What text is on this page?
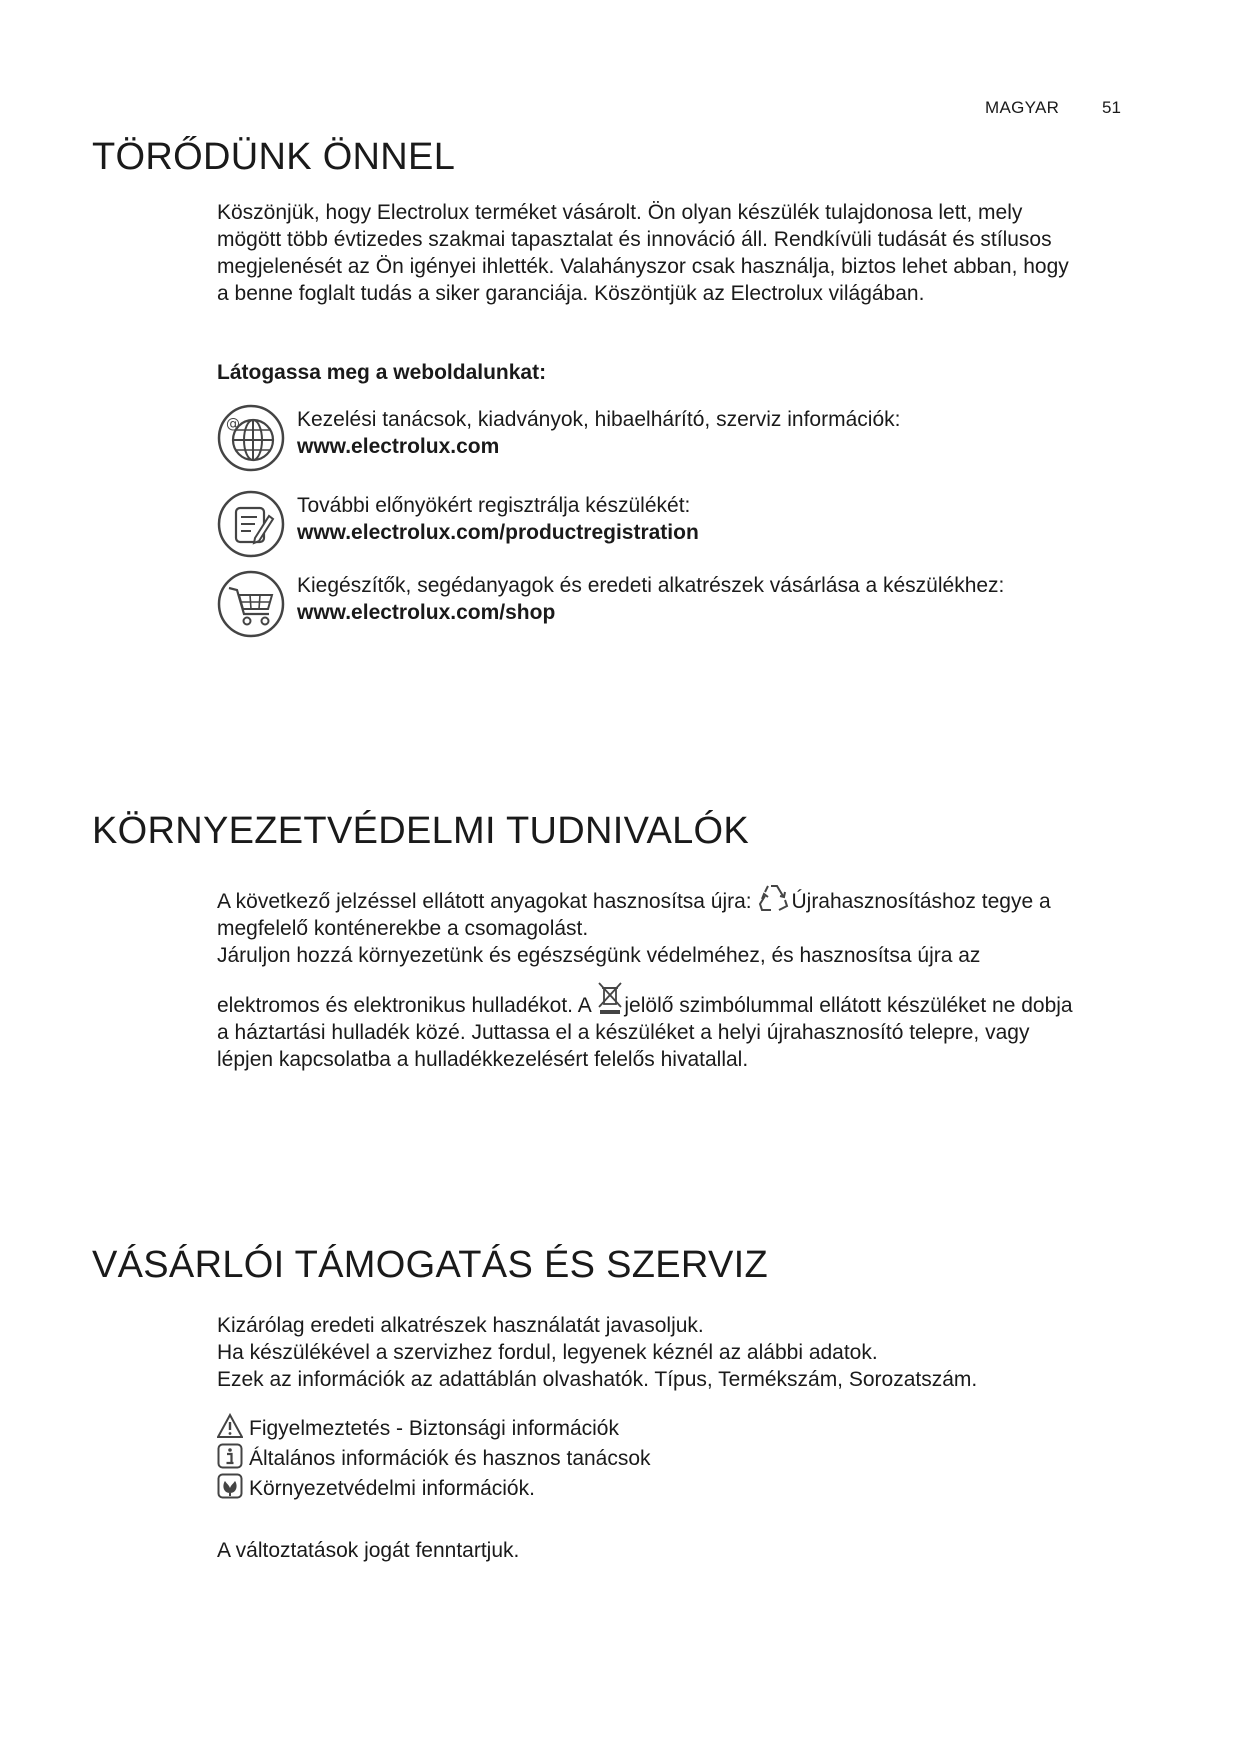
MAGYAR	51
TÖRŐDÜNK ÖNNEL

Köszönjük, hogy Electrolux terméket vásárolt. Ön olyan készülék tulajdonosa lett, mely

mögött több évtizedes szakmai tapasztalat és innováció áll. Rendkívüli tudását és stílusos

megjelenését az Ön igényei ihlették. Valahányszor csak használja, biztos lehet abban, hogy

a benne foglalt tudás a siker garanciája. Köszöntjük az Electrolux világában.

Látogassa meg a weboldalunkat:
@	Kezelési tanácsok, kiadványok, hibaelhárító, szerviz információk:
www.electrolux.com
További előnyökért regisztrálja készülékét:
www.electrolux.com/productregistration
Kiegészítők, segédanyagok és eredeti alkatrészek vásárlása a készülékhez:
www.electrolux.com/shop
KÖRNYEZETVÉDELMI TUDNIVALÓK

A következő jelzéssel ellátott anyagokat hasznosítsa újra: Újrahasznosításhoz tegye a

megfelelő konténerekbe a csomagolást.

Járuljon hozzá környezetünk és egészségünk védelméhez, és hasznosítsa újra az

elektromos és elektronikus hulladékot. A jelölő szimbólummal ellátott készüléket ne dobja

a háztartási hulladék közé. Juttassa el a készüléket a helyi újrahasznosító telepre, vagy

lépjen kapcsolatba a hulladékkezelésért felelős hivatallal.

VÁSÁRLÓI TÁMOGATÁS ÉS SZERVIZ

Kizárólag eredeti alkatrészek használatát javasoljuk.

Ha készülékével a szervizhez fordul, legyenek kéznél az alábbi adatok.

Ezek az információk az adattáblán olvashatók. Típus, Termékszám, Sorozatszám.

Figyelmeztetés - Biztonsági információk
Általános információk és hasznos tanácsok
Környezetvédelmi információk.
A változtatások jogát fenntartjuk.
